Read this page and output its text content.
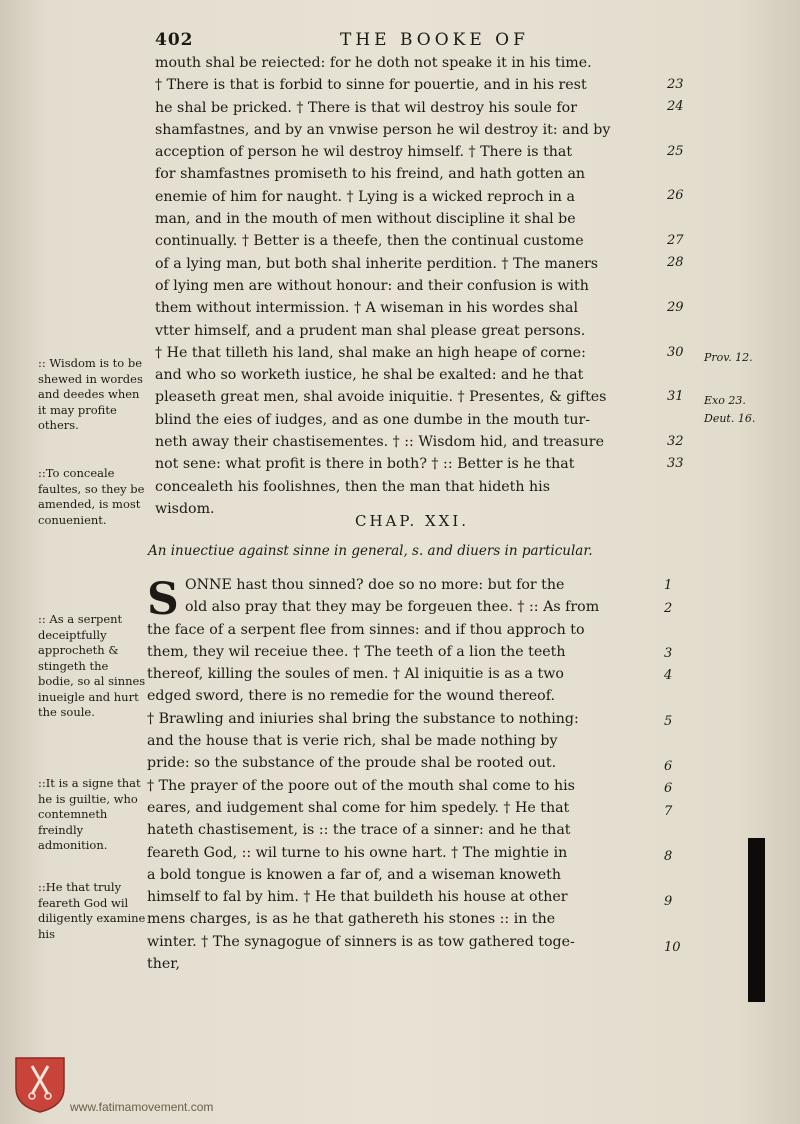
402	THE BOOKE OF
mouth shal be reiected: for he doth not speake it in his time.
† There is that is forbid to sinne for pouertie, and in his rest
he shal be pricked. † There is that wil destroy his soule for
shamfastnes, and by an vnwise person he wil destroy it: and by
acception of person he wil destroy himself. † There is that
for shamfastnes promiseth to his freind, and hath gotten an
enemie of him for naught. † Lying is a wicked reproch in a
man, and in the mouth of men without discipline it shal be
continually. † Better is a theefe, then the continual custome
of a lying man, but both shal inherite perdition. † The maners
of lying men are without honour: and their confusion is with
them without intermission. † A wiseman in his wordes shal
vtter himself, and a prudent man shal please great persons.
† He that tilleth his land, shal make an high heape of corne:
and who so worketh iustice, he shal be exalted: and he that
pleaseth great men, shal avoide iniquitie. † Presentes, & giftes
blind the eies of iudges, and as one dumbe in the mouth tur-
neth away their chastisementes. † :: Wisdom hid, and treasure
not sene: what profit is there in both? † :: Better is he that
concealeth his foolishnes, then the man that hideth his
wisdom.
23
24
25
26
27
28
29
30
31
32
33
CHAP. XXI.
An inuectiue against sinne in general, s. and diuers in particular.
S ONNE hast thou sinned? doe so no more: but for the
old also pray that they may be forgeuen thee. † :: As from
the face of a serpent flee from sinnes: and if thou approch to
them, they wil receiue thee. † The teeth of a lion the teeth
thereof, killing the soules of men. † Al iniquitie is as a two
edged sword, there is no remedie for the wound thereof.
† Brawling and iniuries shal bring the substance to nothing:
and the house that is verie rich, shal be made nothing by
pride: so the substance of the proude shal be rooted out.
† The prayer of the poore out of the mouth shal come to his
eares, and iudgement shal come for him spedely. † He that
hateth chastisement, is :: the trace of a sinner: and he that
feareth God, :: wil turne to his owne hart. † The mightie in
a bold tongue is knowen a far of, and a wiseman knoweth
himself to fal by him. † He that buildeth his house at other
mens charges, is as he that gathereth his stones :: in the
winter. † The synagogue of sinners is as tow gathered toge-
ther,
1
2
3
4
5
6
6
7
8
9
10
:: Wisdom is to be shewed in wordes and deedes when it may profite others.
::To conceale faultes, so they be amended, is most conuenient.
:: As a serpent deceiptfully approcheth & stingeth the bodie, so al sinnes inueigle and hurt the soule.
::It is a signe that he is guiltie, who contemneth freindly admonition.
::He that truly feareth God wil diligently examine his
Prov. 12.
Exo 23.
Deut. 16.
www.fatimamovement.com
